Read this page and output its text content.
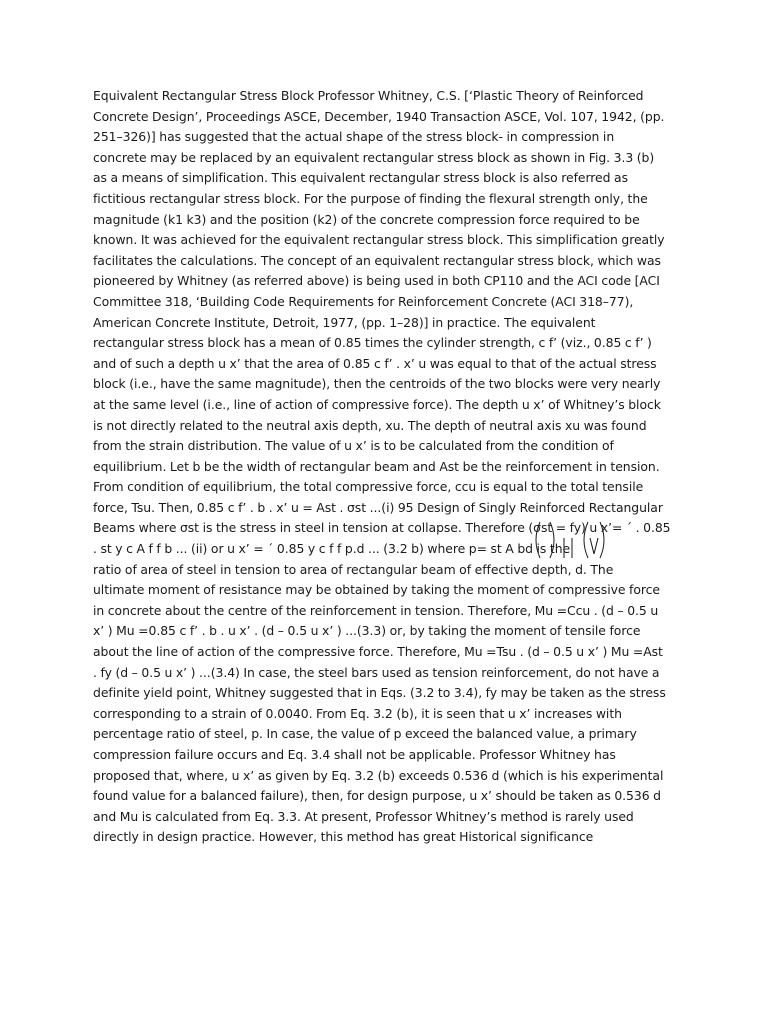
Equivalent Rectangular Stress Block Professor Whitney, C.S. [‘Plastic Theory of Reinforced
Concrete Design’, Proceedings ASCE, December, 1940 Transaction ASCE, Vol. 107, 1942, (pp.
251–326)] has suggested that the actual shape of the stress block- in compression in
concrete may be replaced by an equivalent rectangular stress block as shown in Fig. 3.3 (b)
as a means of simplification. This equivalent rectangular stress block is also referred as
fictitious rectangular stress block. For the purpose of finding the flexural strength only, the
magnitude (k1 k3) and the position (k2) of the concrete compression force required to be
known. It was achieved for the equivalent rectangular stress block. This simplification greatly
facilitates the calculations. The concept of an equivalent rectangular stress block, which was
pioneered by Whitney (as referred above) is being used in both CP110 and the ACI code [ACI
Committee 318, ‘Building Code Requirements for Reinforcement Concrete (ACI 318–77),
American Concrete Institute, Detroit, 1977, (pp. 1–28)] in practice. The equivalent
rectangular stress block has a mean of 0.85 times the cylinder strength, c f’ (viz., 0.85 c f’ )
and of such a depth u x’ that the area of 0.85 c f’ . x’ u was equal to that of the actual stress
block (i.e., have the same magnitude), then the centroids of the two blocks were very nearly
at the same level (i.e., line of action of compressive force). The depth u x’ of Whitney’s block
is not directly related to the neutral axis depth, xu. The depth of neutral axis xu was found
from the strain distribution. The value of u x’ is to be calculated from the condition of
equilibrium. Let b be the width of rectangular beam and Ast be the reinforcement in tension.
From condition of equilibrium, the total compressive force, ccu is equal to the total tensile
force, Tsu. Then, 0.85 c f’ . b . x’ u = Ast . σst ...(i) 95 Design of Singly Reinforced Rectangular
Beams where σst is the stress in steel in tension at collapse. Therefore (σst = fy) u x’= ´ . 0.85
. st y c A f f b ... (ii) or u x’ = ´ 0.85 y c f f p.d ... (3.2 b) where p= st A bd is the
ratio of area of steel in tension to area of rectangular beam of effective depth, d. The
ultimate moment of resistance may be obtained by taking the moment of compressive force
in concrete about the centre of the reinforcement in tension. Therefore, Mu =Ccu . (d – 0.5 u
x’ ) Mu =0.85 c f’ . b . u x’ . (d – 0.5 u x’ ) ...(3.3) or, by taking the moment of tensile force
about the line of action of the compressive force. Therefore, Mu =Tsu . (d – 0.5 u x’ ) Mu =Ast
. fy (d – 0.5 u x’ ) ...(3.4) In case, the steel bars used as tension reinforcement, do not have a
definite yield point, Whitney suggested that in Eqs. (3.2 to 3.4), fy may be taken as the stress
corresponding to a strain of 0.0040. From Eq. 3.2 (b), it is seen that u x’ increases with
percentage ratio of steel, p. In case, the value of p exceed the balanced value, a primary
compression failure occurs and Eq. 3.4 shall not be applicable. Professor Whitney has
proposed that, where, u x’ as given by Eq. 3.2 (b) exceeds 0.536 d (which is his experimental
found value for a balanced failure), then, for design purpose, u x’ should be taken as 0.536 d
and Mu is calculated from Eq. 3.3. At present, Professor Whitney’s method is rarely used
directly in design practice. However, this method has great Historical significance
